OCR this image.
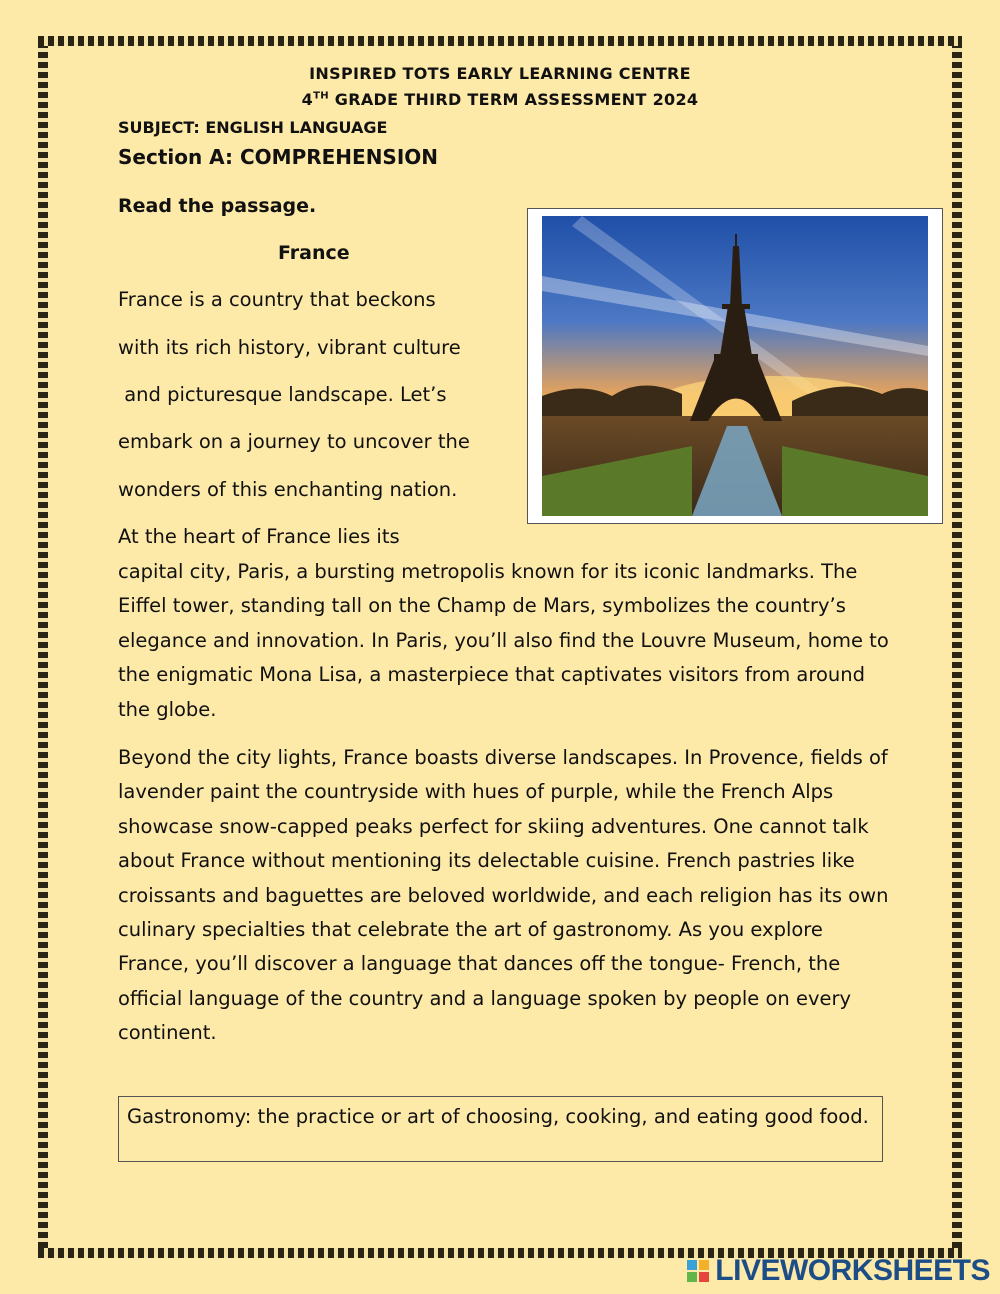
INSPIRED TOTS EARLY LEARNING CENTRE
4TH GRADE THIRD TERM ASSESSMENT 2024
SUBJECT: ENGLISH LANGUAGE
Section A: COMPREHENSION
Read the passage.
France
France is a country that beckons
with its rich history, vibrant culture
and picturesque landscape. Let’s
embark on a journey to uncover the
wonders of this enchanting nation.
At the heart of France lies its
capital city, Paris, a bursting metropolis known for its iconic landmarks. The Eiffel tower, standing tall on the Champ de Mars, symbolizes the country’s elegance and innovation. In Paris, you’ll also find the Louvre Museum, home to the enigmatic Mona Lisa, a masterpiece that captivates visitors from around the globe.
Beyond the city lights, France boasts diverse landscapes. In Provence, fields of lavender paint the countryside with hues of purple, while the French Alps showcase snow-capped peaks perfect for skiing adventures. One cannot talk about France without mentioning its delectable cuisine. French pastries like croissants and baguettes are beloved worldwide, and each religion has its own culinary specialties that celebrate the art of gastronomy. As you explore France, you’ll discover a language that dances off the tongue- French, the official language of the country and a language spoken by people on every continent.
Gastronomy: the practice or art of choosing, cooking, and eating good food.
LIVEWORKSHEETS
